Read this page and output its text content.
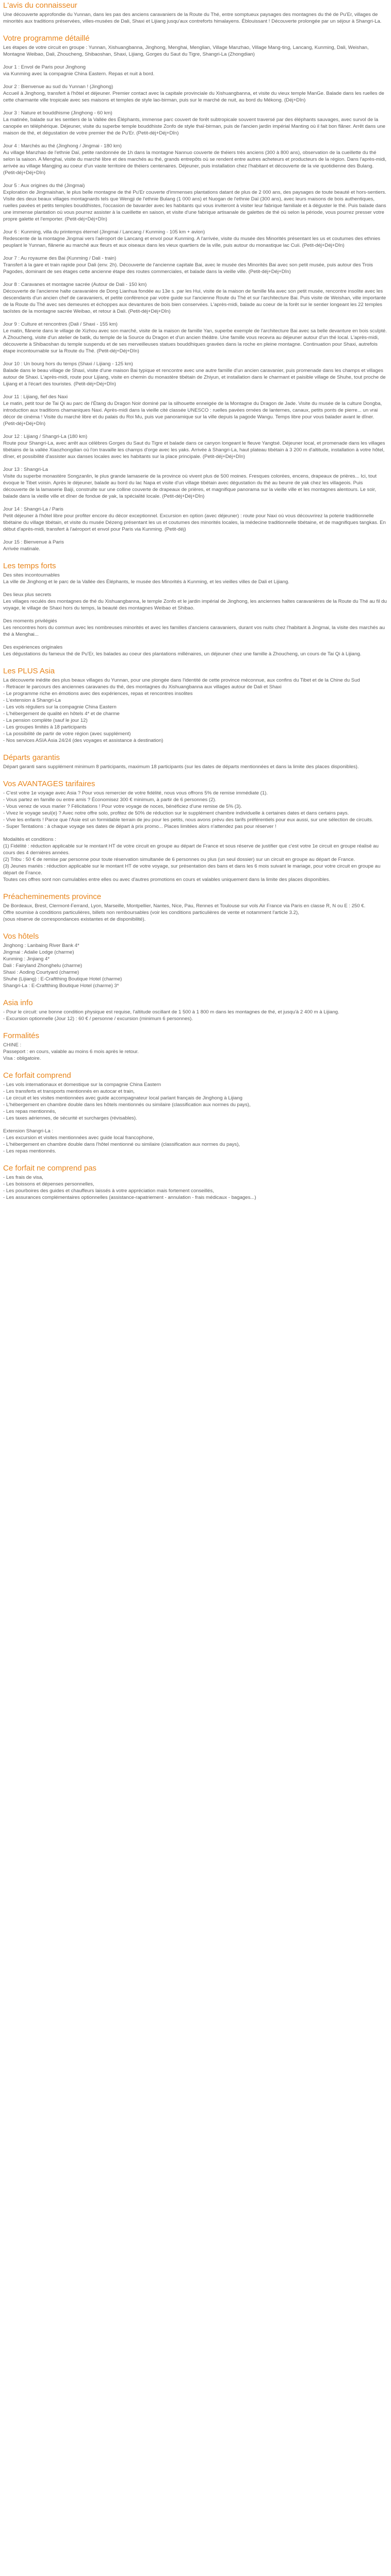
L'avis du connaisseur

Une découverte approfondie du Yunnan, dans les pas des anciens caravaniers de la Route du Thé, entre somptueux paysages des montagnes du thé de Pu'Er, villages de minorités aux traditions préservées, villes-musées de Dali, Shaxi et Lijiang jusqu'aux contreforts himalayens. Éblouissant ! Découverte prolongée par un séjour à Shangri-La.

Votre programme détaillé

Les étapes de votre circuit en groupe : Yunnan, Xishuangbanna, Jinghong, Menghai, Menglian, Village Manzhao, Village Mang-ting, Lancang, Kunming, Dali, Weishan, Montagne Weibao, Dali, Zhoucheng, Shibaoshan, Shaxi, Lijiang, Gorges du Saut du Tigre, Shangri-La (Zhongdian)

Jour 1 : Envol de Paris pour Jinghong

via Kunming avec la compagnie China Eastern. Repas et nuit à bord.

Jour 2 : Bienvenue au sud du Yunnan ! (Jinghong)

Accueil à Jinghong, transfert à l'hôtel et déjeuner. Premier contact avec la capitale provinciale du Xishuangbanna, et visite du vieux temple ManGe. Balade dans les ruelles de cette charmante ville tropicale avec ses maisons et temples de style lao-birman, puis sur le marché de nuit, au bord du Mékong. (Déj+Dîn)

Jour 3 : Nature et bouddhisme (Jinghong - 60 km)

La matinée, balade sur les sentiers de la Vallée des Éléphants, immense parc couvert de forêt subtropicale souvent traversé par des éléphants sauvages, avec survol de la canopée en téléphérique. Déjeuner, visite du superbe temple bouddhiste Zonfo de style thaï-birman, puis de l'ancien jardin impérial Manting où il fait bon flâner. Arrêt dans une maison de thé, et dégustation de votre premier thé de Pu'Er. (Petit-déj+Déj+Dîn)

Jour 4 : Marchés au thé (Jinghong / Jingmai - 180 km)

Au village Manzhao de l'ethnie Daï, petite randonnée de 1h dans la montagne Nannuo couverte de théiers très anciens (300 à 800 ans), observation de la cueillette du thé selon la saison. A Menghai, visite du marché libre et des marchés au thé, grands entrepôts où se rendent entre autres acheteurs et producteurs de la région. Dans l'après-midi, arrivée au village Mangjing au coeur d'un vaste territoire de théiers centenaires. Déjeuner, puis installation chez l'habitant et découverte de la vie quotidienne des Bulang. (Petit-déj+Déj+Dîn)

Jour 5 : Aux origines du thé (Jingmai)

Exploration de Jingmaishan, le plus belle montagne de thé Pu'Er couverte d'immenses plantations datant de plus de 2 000 ans, des paysages de toute beauté et hors-sentiers. Visite des deux beaux villages montagnards tels que Wengji de l'ethnie Bulang (1 000 ans) et Nuogan de l'ethnie Daï (300 ans), avec leurs maisons de bois authentiques, ruelles pavées et petits temples bouddhistes, l'occasion de bavarder avec les habitants qui vous inviteront à visiter leur fabrique familiale et à déguster le thé. Puis balade dans une immense plantation où vous pourrez assister à la cueillette en saison, et visite d'une fabrique artisanale de galettes de thé où selon la période, vous pourrez presser votre propre galette et l'emporter. (Petit-déj+Déj+Dîn)

Jour 6 : Kunming, villa du printemps éternel (Jingmai / Lancang / Kunming - 105 km + avion)

Redescente de la montagne Jingmai vers l'aéroport de Lancang et envol pour Kunming. A l'arrivée, visite du musée des Minorités présentant les us et coutumes des ethnies peuplant le Yunnan, flânerie au marché aux fleurs et aux oiseaux dans les vieux quartiers de la ville, puis autour du monastique lac Cuii. (Petit-déj+Déj+Dîn)

Jour 7 : Au royaume des Bai (Kunming / Dali - train)

Transfert à la gare et train rapide pour Dali (env. 2h). Découverte de l'ancienne capitale Bai, avec le musée des Minorités Bai avec son petit musée, puis autour des Trois Pagodes, dominant de ses étages cette ancienne étape des routes commerciales, et balade dans la vieille ville. (Petit-déj+Déj+Dîn)

Jour 8 : Caravanes et montagne sacrée (Autour de Dali - 150 km)

Découverte de l'ancienne halte caravanière de Dong Lianhua fondée au 13e s. par les Hui, visite de la maison de famille Ma avec son petit musée, rencontre insolite avec les descendants d'un ancien chef de caravaniers, et petite conférence par votre guide sur l'ancienne Route du Thé et sur l'architecture Bai. Puis visite de Weishan, ville importante de la Route du Thé avec ses demeures et échoppes aux devantures de bois bien conservées. L'après-midi, balade au coeur de la forêt sur le sentier longeant les 22 temples taoïstes de la montagne sacrée Weibao, et retour à Dali. (Petit-déj+Déj+Dîn)

Jour 9 : Culture et rencontres (Dali / Shaxi - 155 km)

Le matin, flânerie dans le village de Xizhou avec son marché, visite de la maison de famille Yan, superbe exemple de l'architecture Bai avec sa belle devanture en bois sculpté. A Zhoucheng, visite d'un atelier de batik, du temple de la Source du Dragon et d'un ancien théâtre. Une famille vous recevra au déjeuner autour d'un thé local. L'après-midi, découverte à Shibaoshan du temple suspendu et de ses merveilleuses statues bouddhiques gravées dans la roche en pleine montagne. Continuation pour Shaxi, autrefois étape incontournable sur la Route du Thé. (Petit-déj+Déj+Dîn)

Jour 10 : Un bourg hors du temps (Shaxi / Lijiang - 125 km)

Balade dans le beau village de Shaxi, visite d'une maison Bai typique et rencontre avec une autre famille d'un ancien caravanier, puis promenade dans les champs et villages autour de Shaxi. L'après-midi, route pour Lijiang, visite en chemin du monastère tibétain de Zhiyun, et installation dans le charmant et paisible village de Shuhe, tout proche de Lijiang et à l'écart des touristes. (Petit-déj+Déj+Dîn)

Jour 11 : Lijiang, fief des Naxi

Le matin, petit tour de Tai Qi au parc de l'Étang du Dragon Noir dominé par la silhouette enneigée de la Montagne du Dragon de Jade. Visite du musée de la culture Dongba, introduction aux traditions chamaniques Naxi. Après-midi dans la vieille cité classée UNESCO : ruelles pavées ornées de lanternes, canaux, petits ponts de pierre... un vrai décor de cinéma ! Visite du marché libre et du palais du Roi Mu, puis vue panoramique sur la ville depuis la pagode Wangu. Temps libre pour vous balader avant le dîner. (Petit-déj+Déj+Dîn)

Jour 12 : Lijiang / Shangri-La (180 km)

Route pour Shangri-La, avec arrêt aux célèbres Gorges du Saut du Tigre et balade dans ce canyon longeant le fleuve Yangtsé. Déjeuner local, et promenade dans les villages tibétains de la vallée Xiaozhongdian où l'on travaille les champs d'orge avec les yaks. Arrivée à Shangri-La, haut plateau tibétain à 3 200 m d'altitude, installation à votre hôtel, dîner, et possibilité d'assister aux danses locales avec les habitants sur la place principale. (Petit-déj+Déj+Dîn)

Jour 13 : Shangri-La

Visite du superbe monastère Songzanlin, le plus grande lamaserie de la province où vivent plus de 500 moines. Fresques colorées, encens, drapeaux de prières... Ici, tout évoque le Tibet voisin. Après le déjeuner, balade au bord du lac Napa et visite d'un village tibétain avec dégustation du thé au beurre de yak chez les villageois. Puis découverte de la lamaserie Baiji, construite sur une colline couverte de drapeaux de prières, et magnifique panorama sur la vieille ville et les montagnes alentours. Le soir, balade dans la vieille ville et dîner de fondue de yak, la spécialité locale. (Petit-déj+Déj+Dîn)

Jour 14 : Shangri-La / Paris

Petit déjeuner à l'hôtel libre pour profiter encore du décor exceptionnel. Excursion en option (avec déjeuner) : route pour Naxi où vous découvrirez la poterie traditionnelle tibétaine du village tibétain, et visite du musée Dézeng présentant les us et coutumes des minorités locales, la médecine traditionnelle tibétaine, et de magnifiques tangkas. En début d'après-midi, transfert à l'aéroport et envol pour Paris via Kunming. (Petit-déj)

Jour 15 : Bienvenue à Paris

Arrivée matinale.

Les temps forts

Des sites incontournables

La ville de Jinghong et le parc de la Vallée des Éléphants, le musée des Minorités à Kunming, et les vieilles villes de Dali et Lijiang.

Des lieux plus secrets

Les villages reculés des montagnes de thé du Xishuangbanna, le temple Zonfo et le jardin impérial de Jinghong, les anciennes haltes caravanières de la Route du Thé au fil du voyage, le village de Shaxi hors du temps, la beauté des montagnes Weibao et Shibao.

Des moments privilégiés

Les rencontres hors du commun avec les nombreuses minorités et avec les familles d'anciens caravaniers, durant vos nuits chez l'habitant à Jingmai, la visite des marchés au thé à Menghai...

Des expériences originales

Les dégustations du fameux thé de Pu'Er, les balades au coeur des plantations millénaires, un déjeuner chez une famille à Zhoucheng, un cours de Tai Qi à Lijiang.

Les PLUS Asia

La découverte inédite des plus beaux villages du Yunnan, pour une plongée dans l'identité de cette province méconnue, aux confins du Tibet et de la Chine du Sud

- Retracer le parcours des anciennes caravanes du thé, des montagnes du Xishuangbanna aux villages autour de Dali et Shaxi

- Le programme riche en émotions avec des expériences, repas et rencontres insolites

- L'extension à Shangri-La

- Les vols réguliers sur la compagnie China Eastern

- L'hébergement de qualité en hôtels 4* et de charme

- La pension complète (sauf le jour 12)

- Les groupes limités à 18 participants

- La possibilité de partir de votre région (avec supplément)

- Nos services ASIA Asia 24/24 (des voyages et assistance à destination)

Départs garantis

Départ garanti sans supplément minimum 8 participants, maximum 18 participants (sur les dates de départs mentionnées et dans la limite des places disponibles).

Vos AVANTAGES tarifaires

- C'est votre 1e voyage avec Asia ? Pour vous remercier de votre fidélité, nous vous offrons 5% de remise immédiate (1).

- Vous partez en famille ou entre amis ? Économisez 300 € minimum, à partir de 6 personnes (2).

- Vous venez de vous marier ? Félicitations ! Pour votre voyage de noces, bénéficiez d'une remise de 5% (3).

- Vivez le voyage seul(e) ? Avec notre offre solo, profitez de 50% de réduction sur le supplément chambre individuelle à certaines dates et dans certains pays.

- Vive les enfants ! Parce que l'Asie est un formidable terrain de jeu pour les petits, nous avons prévu des tarifs préférentiels pour eux aussi, sur une sélection de circuits.

- Super Tentations : à chaque voyage ses dates de départ à prix promo... Places limitées alors n'attendez pas pour réserver !

Modalités et conditions :

(1) Fidélité : réduction applicable sur le montant HT de votre circuit en groupe au départ de France et sous réserve de justifier que c'est votre 1e circuit en groupe réalisé au cours des 4 dernières années.

(2) Tribu : 50 € de remise par personne pour toute réservation simultanée de 6 personnes ou plus (un seul dossier) sur un circuit en groupe au départ de France.

(3) Jeunes mariés : réduction applicable sur le montant HT de votre voyage, sur présentation des bans et dans les 6 mois suivant le mariage, pour votre circuit en groupe au départ de France.

Toutes ces offres sont non cumulables entre elles ou avec d'autres promotions en cours et valables uniquement dans la limite des places disponibles.

Préacheminements province

De Bordeaux, Brest, Clermont-Ferrand, Lyon, Marseille, Montpellier, Nantes, Nice, Pau, Rennes et Toulouse sur vols Air France via Paris en classe R, N ou E : 250 €.

Offre soumise à conditions particulières, billets non remboursables (voir les conditions particulières de vente et notamment l'article 3.2),

(sous réserve de correspondances existantes et de disponibilité).

Vos hôtels

Jinghong : Lanbaing River Bank 4*

Jingmai : Adalie Lodge (charme)

Kunming : Jinjiang 4*

Dali : Fairyland Zhonghelu (charme)

Shaxi : Aoding Courtyard (charme)

Shuhe (Lijiang) : E-Craftthing Boutique Hotel (charme)

Shangri-La : E-Craftthing Boutique Hotel (charme) 3*

Asia info

- Pour le circuit: une bonne condition physique est requise, l'altitude oscillant de 1 500 à 1 800 m dans les montagnes de thé, et jusqu'à 2 400 m à Lijiang.

- Excursion optionnelle (Jour 12) : 60 € / personne / excursion (minimum 6 personnes).

Formalités

CHINE :

Passeport : en cours, valable au moins 6 mois après le retour.

Visa : obligatoire.

Ce forfait comprend

- Les vols internationaux et domestique sur la compagnie China Eastern

- Les transferts et transports mentionnés en autocar et train,

- Le circuit et les visites mentionnées avec guide accompagnateur local parlant français de Jinghong à Lijiang

- L'hébergement en chambre double dans les hôtels mentionnés ou similaire (classification aux normes du pays),

- Les repas mentionnés,

- Les taxes aériennes, de sécurité et surcharges (révisables).

Extension Shangri-La :

- Les excursion et visites mentionnées avec guide local francophone,

- L'hébergement en chambre double dans l'hôtel mentionné ou similaire (classification aux normes du pays),

- Les repas mentionnés.

Ce forfait ne comprend pas

- Les frais de visa,

- Les boissons et dépenses personnelles,

- Les pourboires des guides et chauffeurs laissés à votre appréciation mais fortement conseillés,

- Les assurances complémentaires optionnelles (assistance-rapatriement - annulation - frais médicaux - bagages...)
